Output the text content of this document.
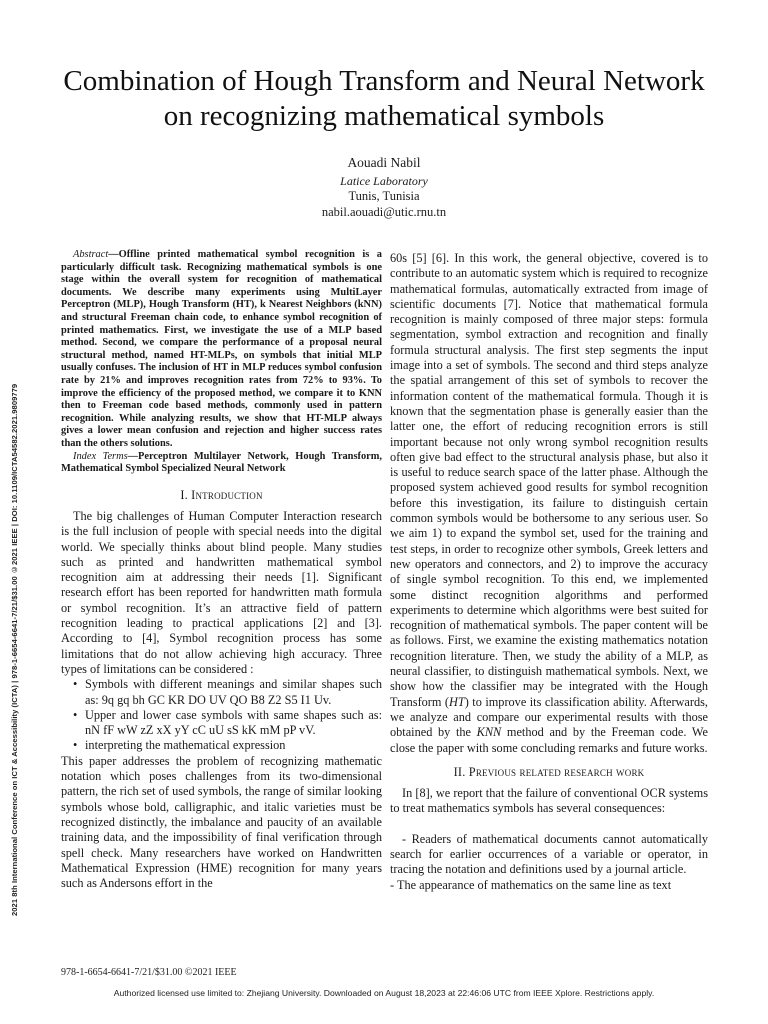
2021 8th International Conference on ICT & Accessibility (ICTA) | 978-1-6654-6641-7/21/$31.00 ©2021 IEEE | DOI: 10.1109/ICTA54582.2021.9809779
Combination of Hough Transform and Neural Network on recognizing mathematical symbols
Aouadi Nabil
Latice Laboratory
Tunis, Tunisia
nabil.aouadi@utic.rnu.tn

Abstract—Offline printed mathematical symbol recognition is a particularly difficult task. Recognizing mathematical symbols is one stage within the overall system for recognition of mathematical documents. We describe many experiments using MultiLayer Perceptron (MLP), Hough Transform (HT), k Nearest Neighbors (kNN) and structural Freeman chain code, to enhance symbol recognition of printed mathematics. First, we investigate the use of a MLP based method. Second, we compare the performance of a proposal neural structural method, named HT-MLPs, on symbols that initial MLP usually confuses. The inclusion of HT in MLP reduces symbol confusion rate by 21% and improves recognition rates from 72% to 93%. To improve the efficiency of the proposed method, we compare it to KNN then to Freeman code based methods, commonly used in pattern recognition. While analyzing results, we show that HT-MLP always gives a lower mean confusion and rejection and higher success rates than the others solutions.

Index Terms—Perceptron Multilayer Network, Hough Transform, Mathematical Symbol Specialized Neural Network

I. Introduction

The big challenges of Human Computer Interaction research is the full inclusion of people with special needs into the digital world. We specially thinks about blind people. Many studies such as printed and handwritten mathematical symbol recognition aim at addressing their needs [1]. Significant research effort has been reported for handwritten math formula or symbol recognition. It’s an attractive field of pattern recognition leading to practical applications [2] and [3]. According to [4], Symbol recognition process has some limitations that do not allow achieving high accuracy. Three types of limitations can be considered :

• Symbols with different meanings and similar shapes such as: 9q gq bh GC KR DO UV QO B8 Z2 S5 I1 Uv.
• Upper and lower case symbols with same shapes such as: nN fF wW zZ xX yY cC uU sS kK mM pP vV.
• interpreting the mathematical expression

This paper addresses the problem of recognizing mathematic notation which poses challenges from its two-dimensional pattern, the rich set of used symbols, the range of similar looking symbols whose bold, calligraphic, and italic varieties must be recognized distinctly, the imbalance and paucity of an available training data, and the impossibility of final verification through spell check. Many researchers have worked on Handwritten Mathematical Expression (HME) recognition for many years such as Andersons effort in the

60s [5] [6]. In this work, the general objective, covered is to contribute to an automatic system which is required to recognize mathematical formulas, automatically extracted from image of scientific documents [7]. Notice that mathematical formula recognition is mainly composed of three major steps: formula segmentation, symbol extraction and recognition and finally formula structural analysis. The first step segments the input image into a set of symbols. The second and third steps analyze the spatial arrangement of this set of symbols to recover the information content of the mathematical formula. Though it is known that the segmentation phase is generally easier than the latter one, the effort of reducing recognition errors is still important because not only wrong symbol recognition results often give bad effect to the structural analysis phase, but also it is useful to reduce search space of the latter phase. Although the proposed system achieved good results for symbol recognition before this investigation, its failure to distinguish certain common symbols would be bothersome to any serious user. So we aim 1) to expand the symbol set, used for the training and test steps, in order to recognize other symbols, Greek letters and new operators and connectors, and 2) to improve the accuracy of single symbol recognition. To this end, we implemented some distinct recognition algorithms and performed experiments to determine which algorithms were best suited for recognition of mathematical symbols. The paper content will be as follows. First, we examine the existing mathematics notation recognition literature. Then, we study the ability of a MLP, as neural classifier, to distinguish mathematical symbols. Next, we show how the classifier may be integrated with the Hough Transform (HT) to improve its classification ability. Afterwards, we analyze and compare our experimental results with those obtained by the KNN method and by the Freeman code. We close the paper with some concluding remarks and future works.

II. Previous related research work

In [8], we report that the failure of conventional OCR systems to treat mathematics symbols has several consequences:

- Readers of mathematical documents cannot automatically search for earlier occurrences of a variable or operator, in tracing the notation and definitions used by a journal article.

- The appearance of mathematics on the same line as text

978-1-6654-6641-7/21/$31.00 ©2021 IEEE
Authorized licensed use limited to: Zhejiang University. Downloaded on August 18,2023 at 22:46:06 UTC from IEEE Xplore. Restrictions apply.
